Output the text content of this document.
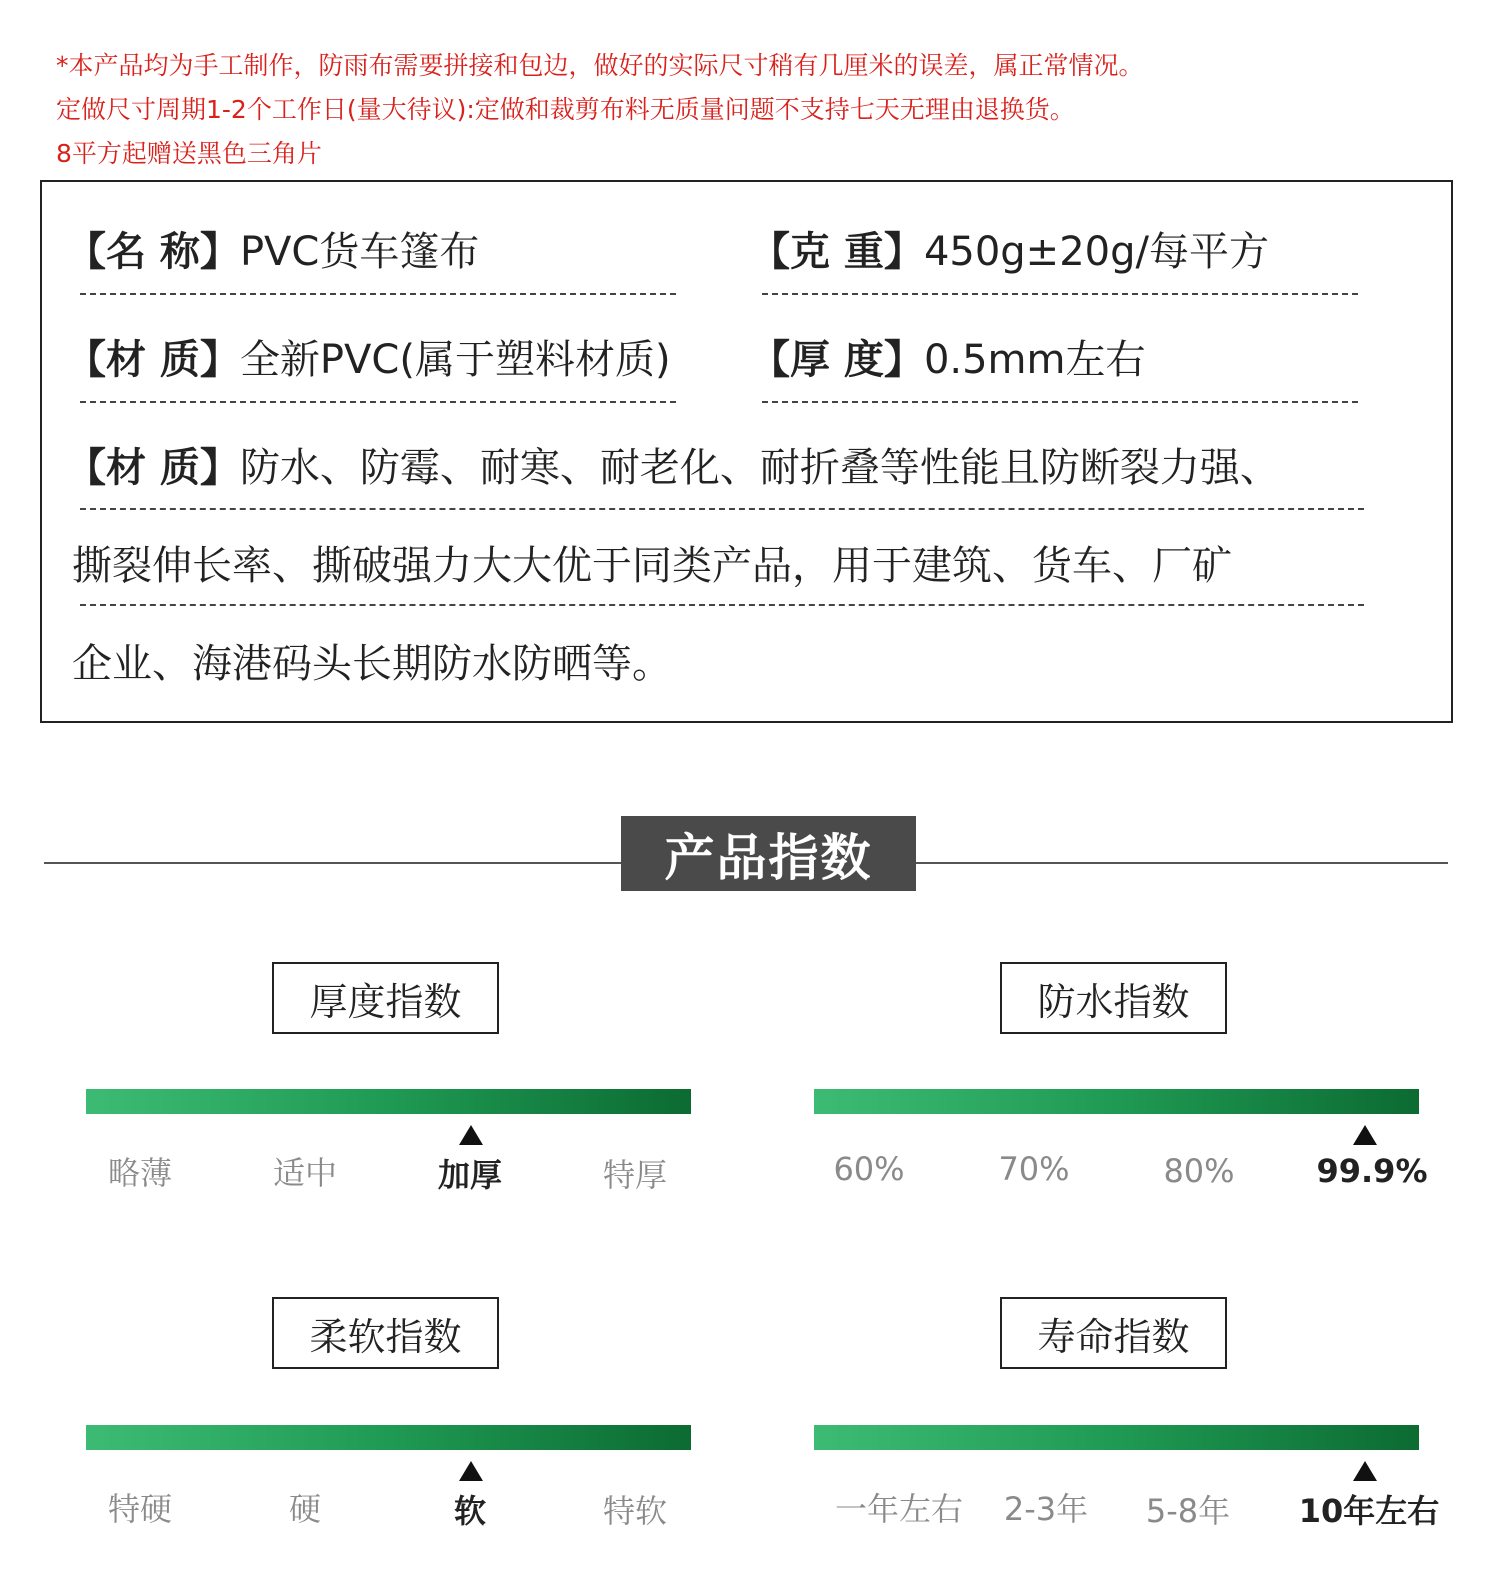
*本产品均为手工制作，防雨布需要拼接和包边，做好的实际尺寸稍有几厘米的误差，属正常情况。
定做尺寸周期1-2个工作日(量大待议):定做和裁剪布料无质量问题不支持七天无理由退换货。
8平方起赠送黑色三角片
【名 称】PVC货车篷布	【克 重】450g±20g/每平方
【材 质】全新PVC(属于塑料材质) 【厚 度】0.5mm左右
【材 质】防水、防霉、耐寒、耐老化、耐折叠等性能且防断裂力强、
撕裂伸长率、撕破强力大大优于同类产品，用于建筑、货车、厂矿
企业、海港码头长期防水防晒等。
产品指数
厚度指数
略薄	适中	加厚	特厚
防水指数
60%	70%	80%	99.9%
柔软指数
特硬	硬	软	特软
寿命指数
一年左右 2-3年 5-8年 10年左右
